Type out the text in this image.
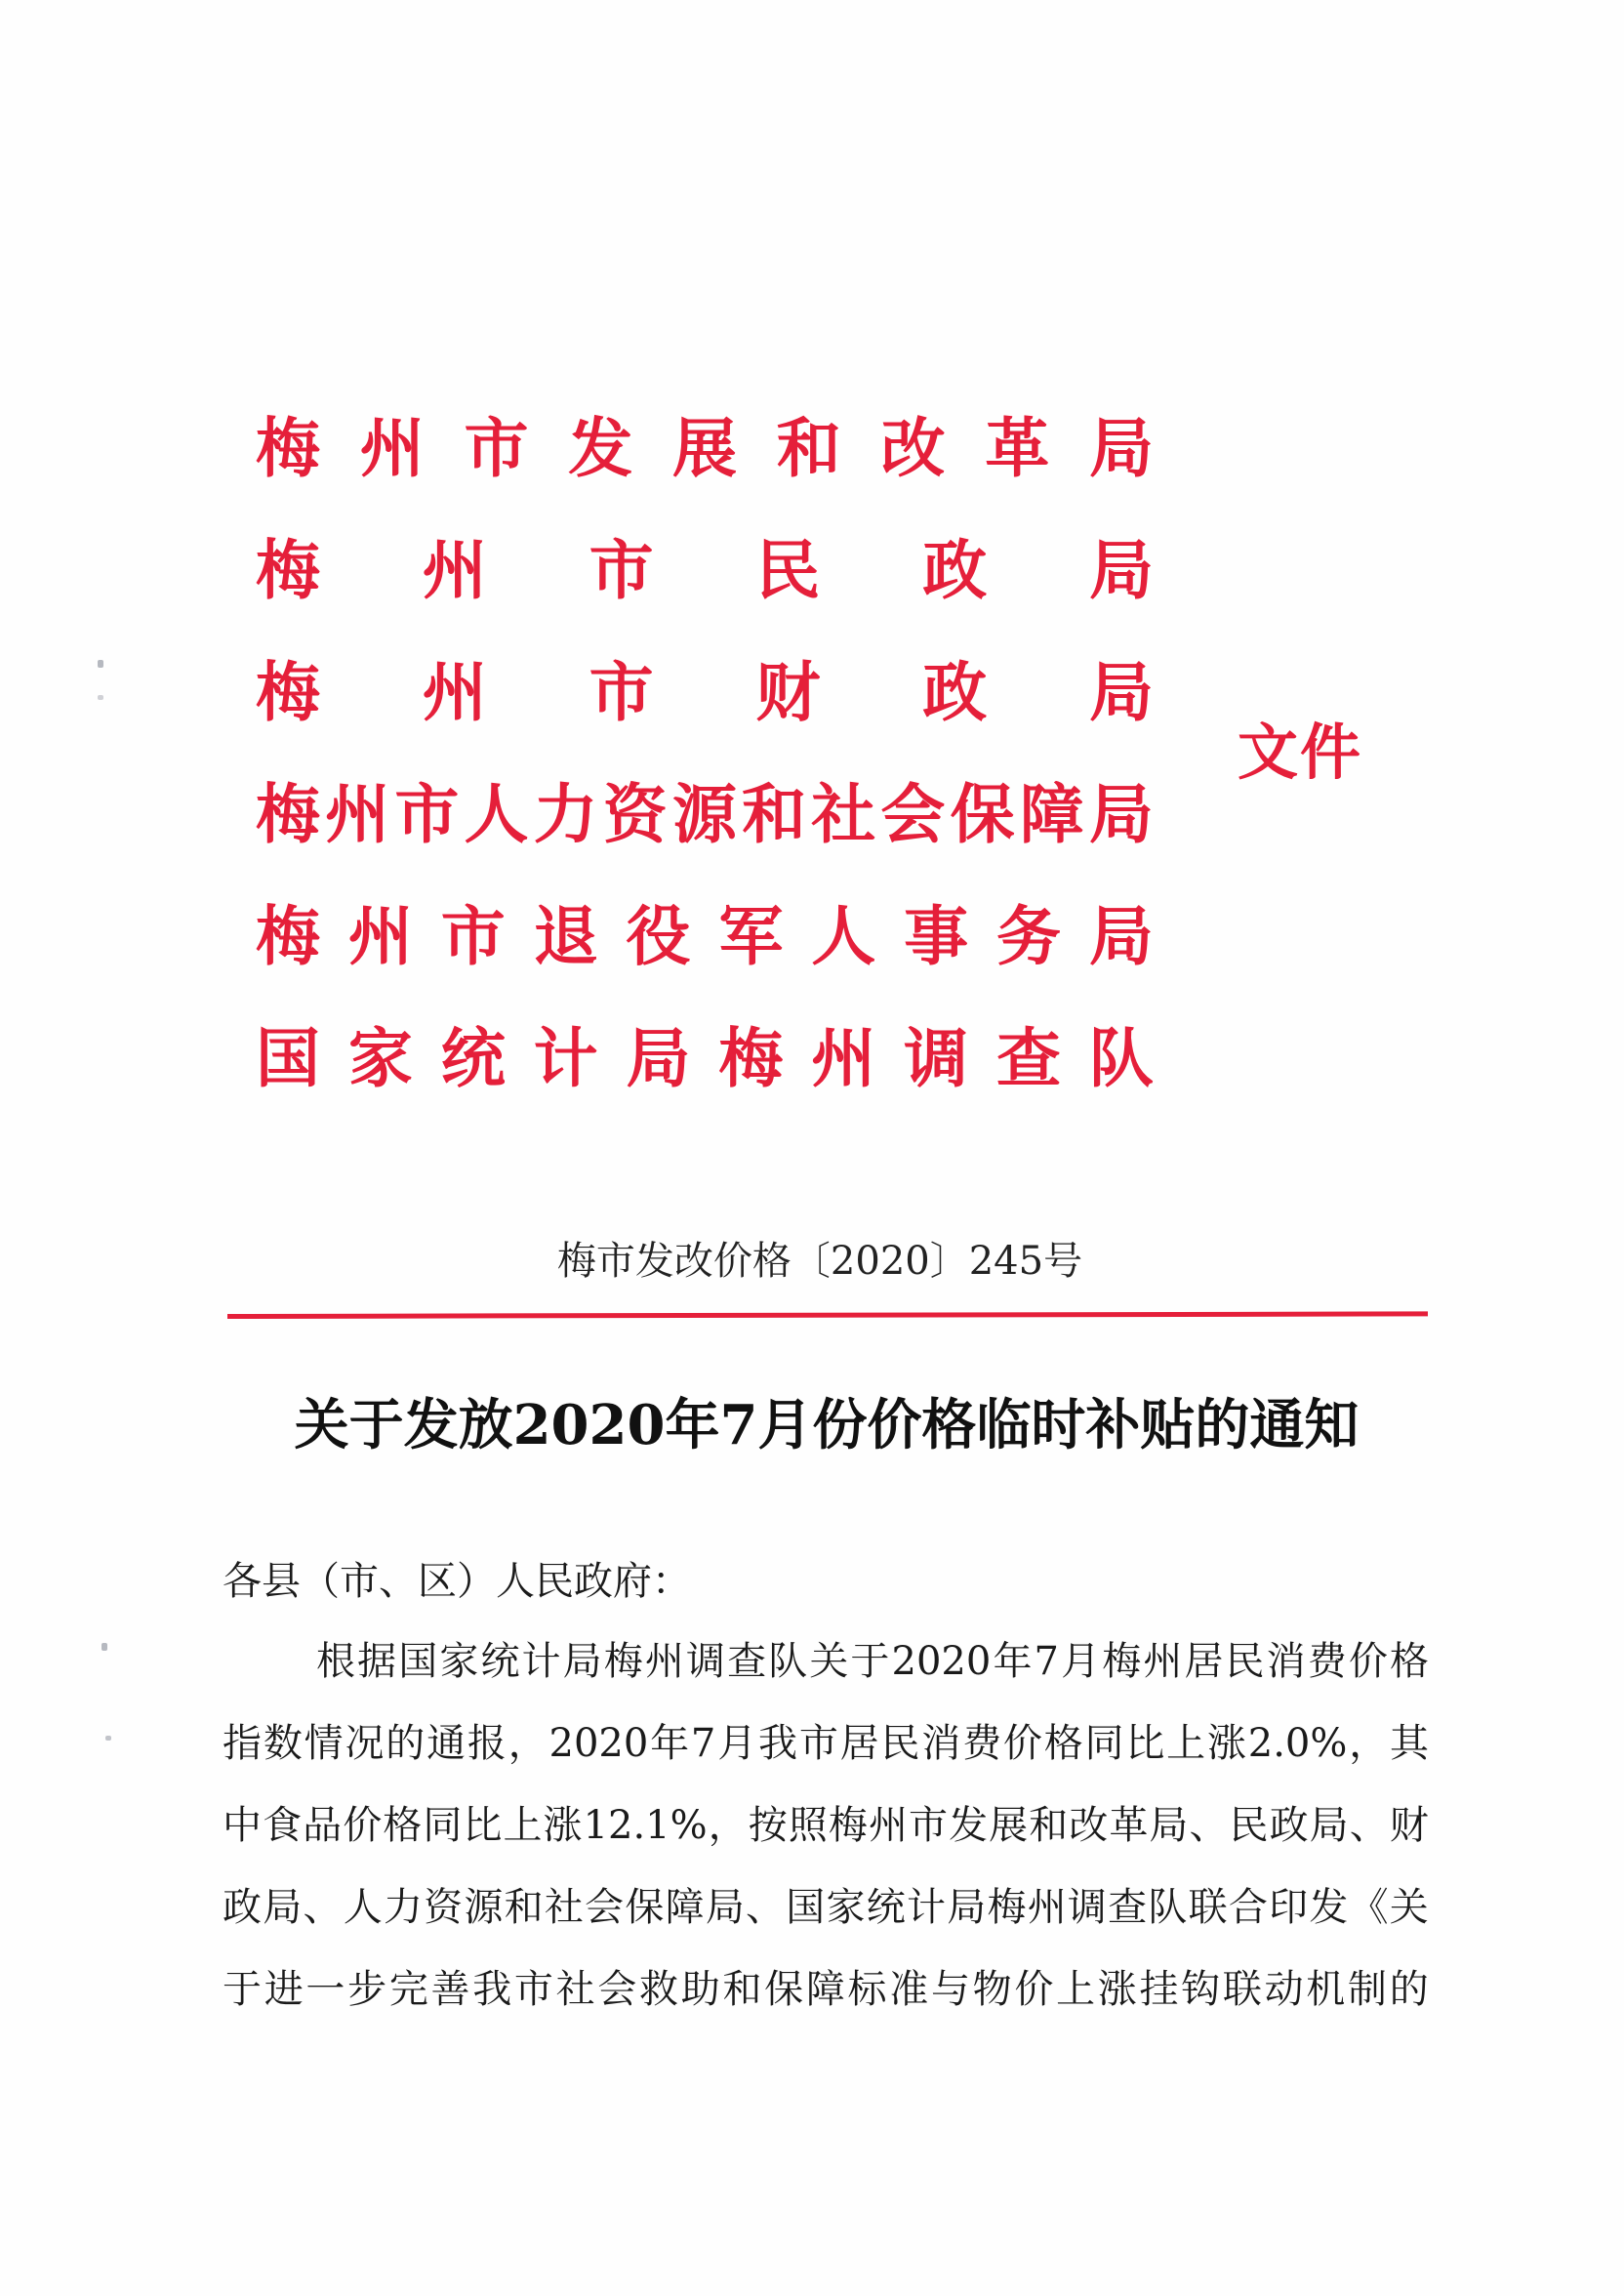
梅 州 市 发 展 和 改 革 局
梅 州 市 民 政 局
梅 州 市 财 政 局
梅 州 市 人 力 资 源 和 社 会 保 障 局
梅 州 市 退 役 军 人 事 务 局
国 家 统 计 局 梅 州 调 查 队
文件
梅市发改价格〔2020〕245号
关于发放2020年7月份价格临时补贴的通知
各县（市、区）人民政府：
根 据 国 家 统 计 局 梅 州 调 查 队 关 于 2020 年 7 月 梅 州 居 民 消 费 价 格
指 数 情 况 的 通 报 ， 2020 年 7 月 我 市 居 民 消 费 价 格 同 比 上 涨 2.0% ， 其
中 食 品 价 格 同 比 上 涨 12.1% ， 按 照 梅 州 市 发 展 和 改 革 局 、 民 政 局 、 财
政 局 、 人 力 资 源 和 社 会 保 障 局 、 国 家 统 计 局 梅 州 调 查 队 联 合 印 发 《 关
于 进 一 步 完 善 我 市 社 会 救 助 和 保 障 标 准 与 物 价 上 涨 挂 钩 联 动 机 制 的
